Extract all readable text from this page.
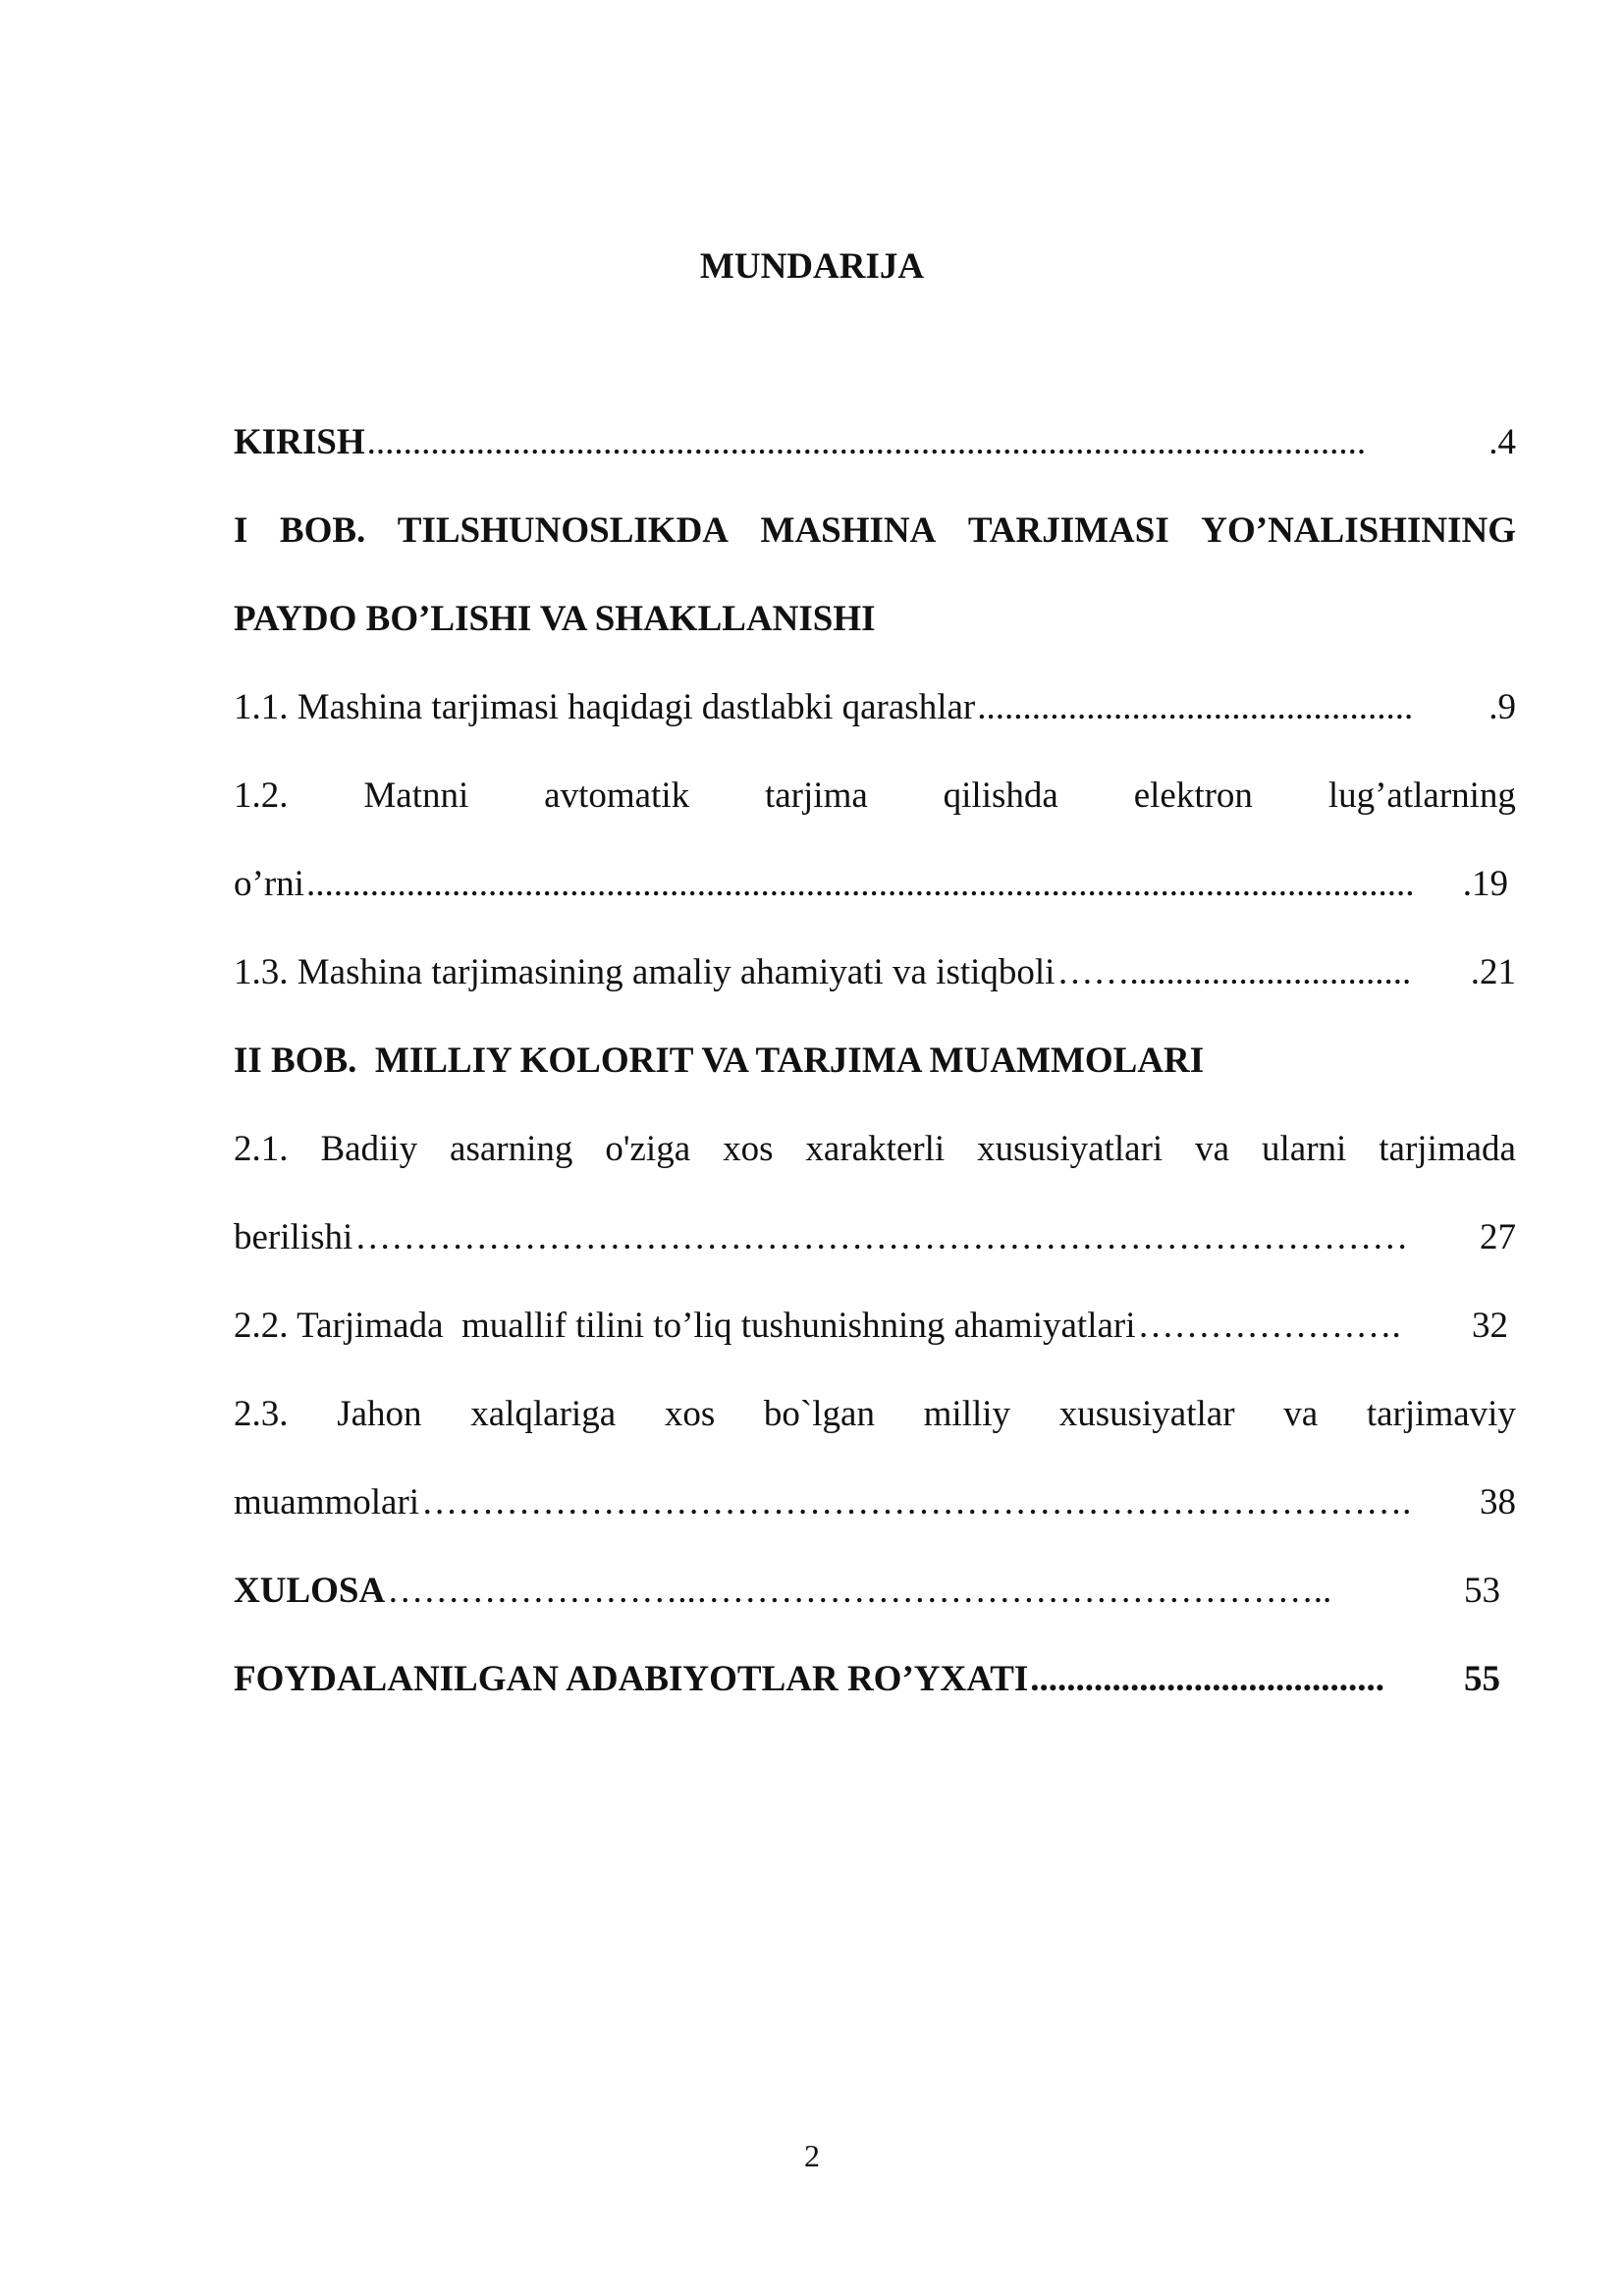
MUNDARIJA
KIRISH ..............................................................................................................	.4
I BOB. TILSHUNOSLIKDA MASHINA TARJIMASI YO’NALISHINING
PAYDO BO’LISHI VA SHAKLLANISHI
1.1. Mashina tarjimasi haqidagi dastlabki qarashlar ................................................	.9
1.2. Matnni avtomatik tarjima qilishda elektron lug’atlarning
o’rni ..........................................................................................................................	.19
1.3. Mashina tarjimasining amaliy ahamiyati va istiqboli ……...............................	.21
II BOB.  MILLIY KOLORIT VA TARJIMA MUAMMOLARI
2.1. Badiiy asarning o'ziga xos xarakterli xususiyatlari va ularni tarjimada
berilishi ……………………………………………………………………………	27
2.2. Tarjimada  muallif tilini to’liq tushunishning ahamiyatlari ………………….	32
2.3. Jahon xalqlariga xos bo`lgan milliy xususiyatlar va tarjimaviy
muammolari ……………………………………………………………………….	38
XULOSA ……………………..……………………………………………..	53
FOYDALANILGAN ADABIYOTLAR RO’YXATI .......................................	55
2
